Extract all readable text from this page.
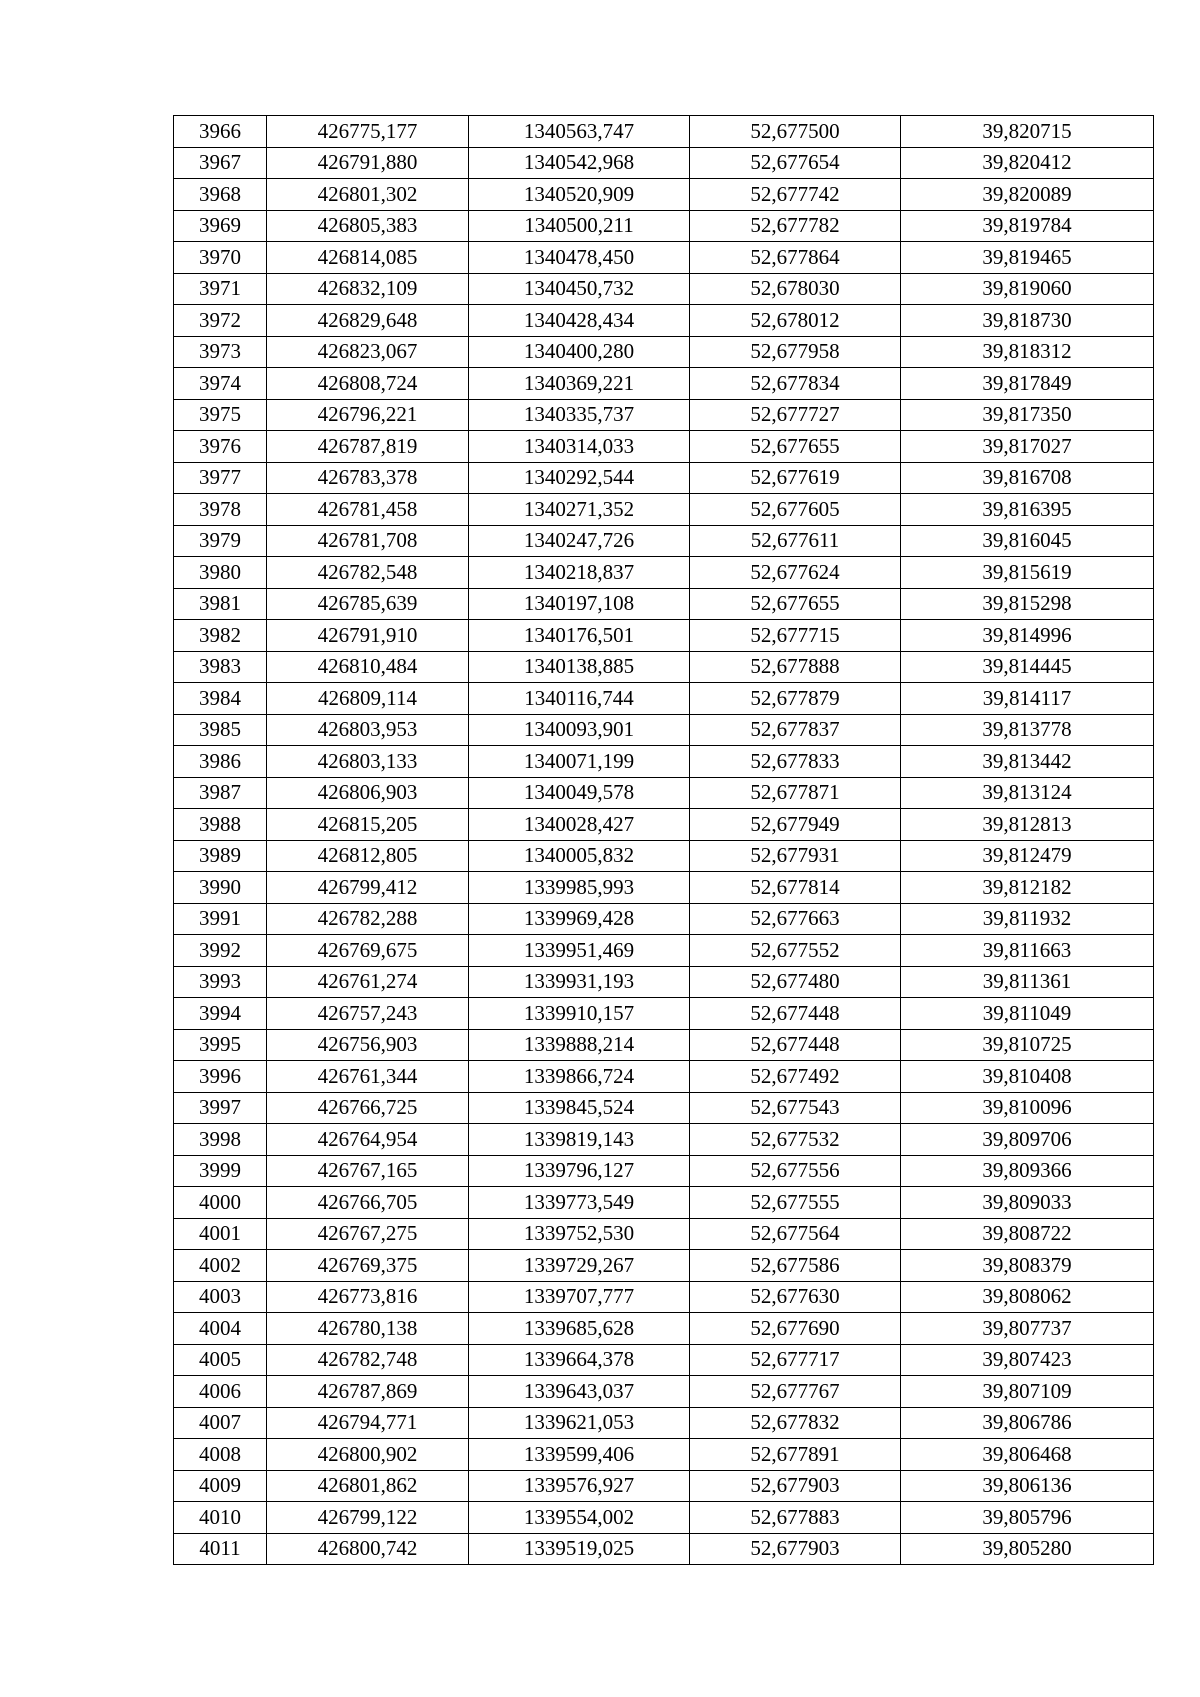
3966	426775,177	1340563,747	52,677500	39,820715
3967	426791,880	1340542,968	52,677654	39,820412
3968	426801,302	1340520,909	52,677742	39,820089
3969	426805,383	1340500,211	52,677782	39,819784
3970	426814,085	1340478,450	52,677864	39,819465
3971	426832,109	1340450,732	52,678030	39,819060
3972	426829,648	1340428,434	52,678012	39,818730
3973	426823,067	1340400,280	52,677958	39,818312
3974	426808,724	1340369,221	52,677834	39,817849
3975	426796,221	1340335,737	52,677727	39,817350
3976	426787,819	1340314,033	52,677655	39,817027
3977	426783,378	1340292,544	52,677619	39,816708
3978	426781,458	1340271,352	52,677605	39,816395
3979	426781,708	1340247,726	52,677611	39,816045
3980	426782,548	1340218,837	52,677624	39,815619
3981	426785,639	1340197,108	52,677655	39,815298
3982	426791,910	1340176,501	52,677715	39,814996
3983	426810,484	1340138,885	52,677888	39,814445
3984	426809,114	1340116,744	52,677879	39,814117
3985	426803,953	1340093,901	52,677837	39,813778
3986	426803,133	1340071,199	52,677833	39,813442
3987	426806,903	1340049,578	52,677871	39,813124
3988	426815,205	1340028,427	52,677949	39,812813
3989	426812,805	1340005,832	52,677931	39,812479
3990	426799,412	1339985,993	52,677814	39,812182
3991	426782,288	1339969,428	52,677663	39,811932
3992	426769,675	1339951,469	52,677552	39,811663
3993	426761,274	1339931,193	52,677480	39,811361
3994	426757,243	1339910,157	52,677448	39,811049
3995	426756,903	1339888,214	52,677448	39,810725
3996	426761,344	1339866,724	52,677492	39,810408
3997	426766,725	1339845,524	52,677543	39,810096
3998	426764,954	1339819,143	52,677532	39,809706
3999	426767,165	1339796,127	52,677556	39,809366
4000	426766,705	1339773,549	52,677555	39,809033
4001	426767,275	1339752,530	52,677564	39,808722
4002	426769,375	1339729,267	52,677586	39,808379
4003	426773,816	1339707,777	52,677630	39,808062
4004	426780,138	1339685,628	52,677690	39,807737
4005	426782,748	1339664,378	52,677717	39,807423
4006	426787,869	1339643,037	52,677767	39,807109
4007	426794,771	1339621,053	52,677832	39,806786
4008	426800,902	1339599,406	52,677891	39,806468
4009	426801,862	1339576,927	52,677903	39,806136
4010	426799,122	1339554,002	52,677883	39,805796
4011	426800,742	1339519,025	52,677903	39,805280
